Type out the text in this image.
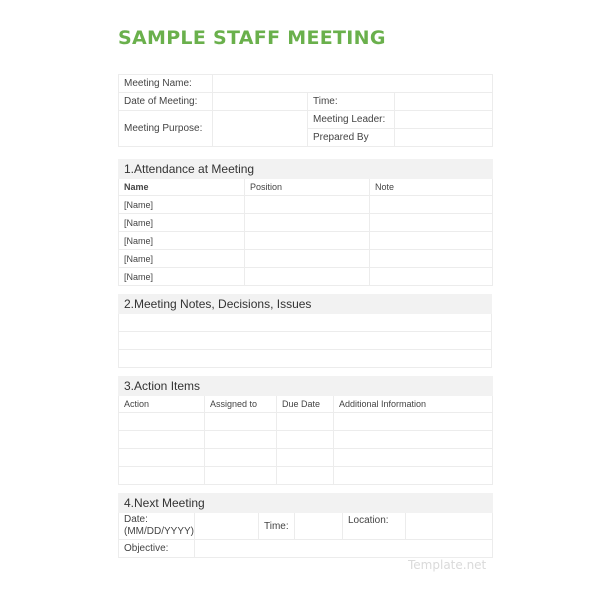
SAMPLE STAFF MEETING
Meeting Name:			
Date of Meeting:		Time:	
Meeting Purpose:		Meeting Leader:	
		Prepared By	
1.Attendance at Meeting		
Name	Position	Note
[Name]		
[Name]		
[Name]		
[Name]		
[Name]		
2.Meeting Notes, Decisions, Issues

3.Action Items			
Action	Assigned to	Due Date	Additional Information

4.Next Meeting					
Date:
(MM/DD/YYYY)		Time:		Location:	
Objective:					
Template.net
